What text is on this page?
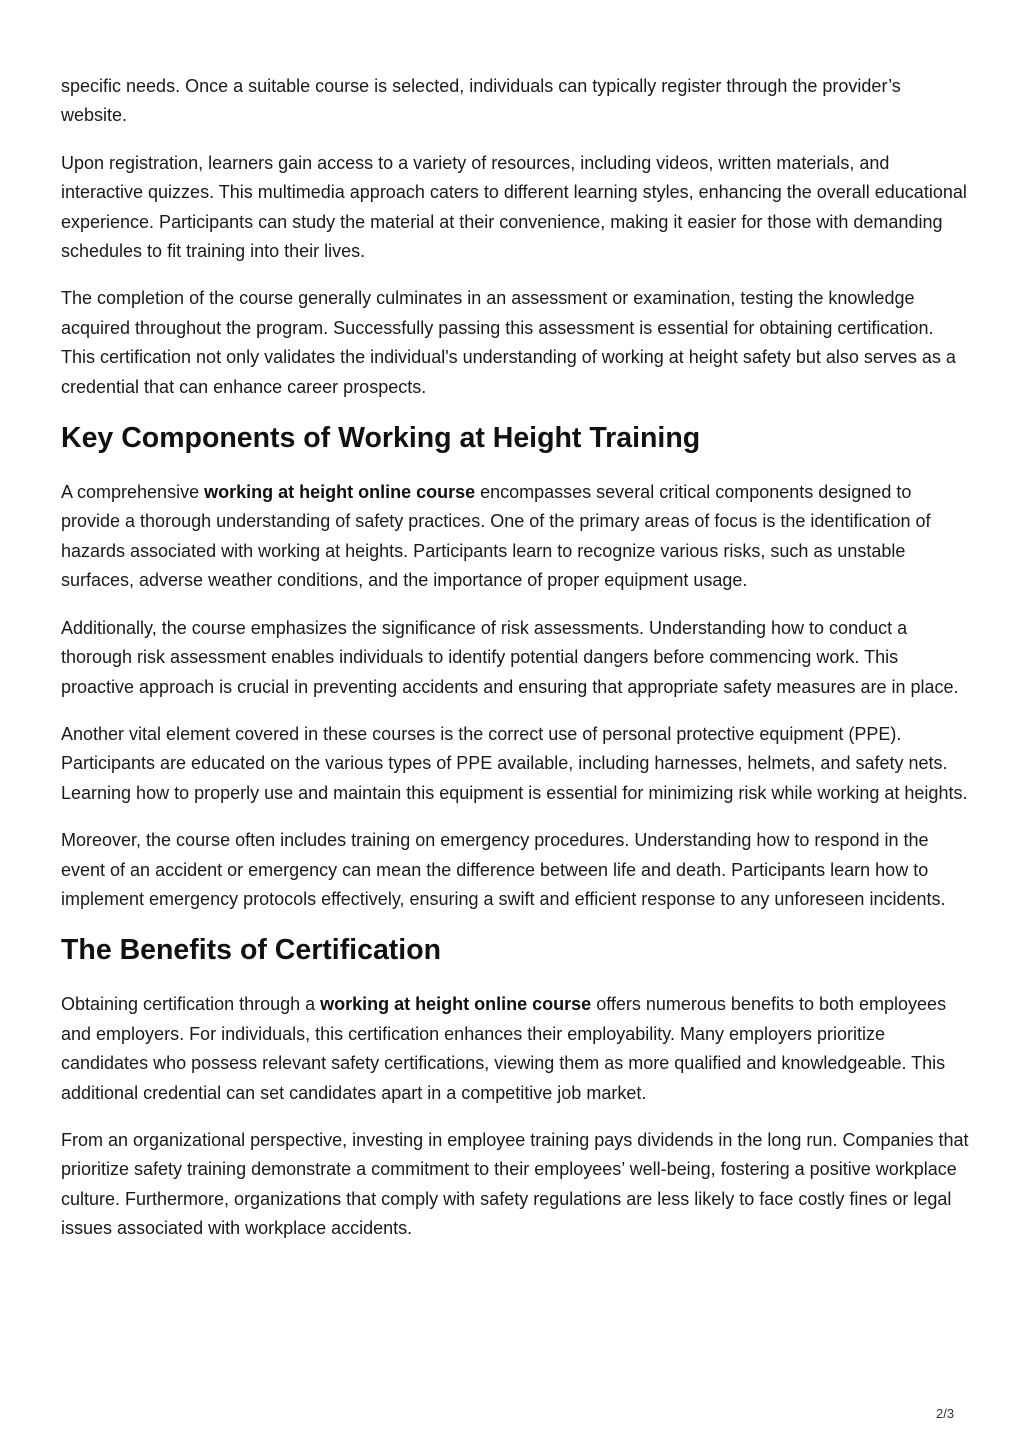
specific needs. Once a suitable course is selected, individuals can typically register through the provider’s website.

Upon registration, learners gain access to a variety of resources, including videos, written materials, and interactive quizzes. This multimedia approach caters to different learning styles, enhancing the overall educational experience. Participants can study the material at their convenience, making it easier for those with demanding schedules to fit training into their lives.

The completion of the course generally culminates in an assessment or examination, testing the knowledge acquired throughout the program. Successfully passing this assessment is essential for obtaining certification. This certification not only validates the individual's understanding of working at height safety but also serves as a credential that can enhance career prospects.

Key Components of Working at Height Training

A comprehensive working at height online course encompasses several critical components designed to provide a thorough understanding of safety practices. One of the primary areas of focus is the identification of hazards associated with working at heights. Participants learn to recognize various risks, such as unstable surfaces, adverse weather conditions, and the importance of proper equipment usage.

Additionally, the course emphasizes the significance of risk assessments. Understanding how to conduct a thorough risk assessment enables individuals to identify potential dangers before commencing work. This proactive approach is crucial in preventing accidents and ensuring that appropriate safety measures are in place.

Another vital element covered in these courses is the correct use of personal protective equipment (PPE). Participants are educated on the various types of PPE available, including harnesses, helmets, and safety nets. Learning how to properly use and maintain this equipment is essential for minimizing risk while working at heights.

Moreover, the course often includes training on emergency procedures. Understanding how to respond in the event of an accident or emergency can mean the difference between life and death. Participants learn how to implement emergency protocols effectively, ensuring a swift and efficient response to any unforeseen incidents.

The Benefits of Certification

Obtaining certification through a working at height online course offers numerous benefits to both employees and employers. For individuals, this certification enhances their employability. Many employers prioritize candidates who possess relevant safety certifications, viewing them as more qualified and knowledgeable. This additional credential can set candidates apart in a competitive job market.

From an organizational perspective, investing in employee training pays dividends in the long run. Companies that prioritize safety training demonstrate a commitment to their employees’ well-being, fostering a positive workplace culture. Furthermore, organizations that comply with safety regulations are less likely to face costly fines or legal issues associated with workplace accidents.

2/3
